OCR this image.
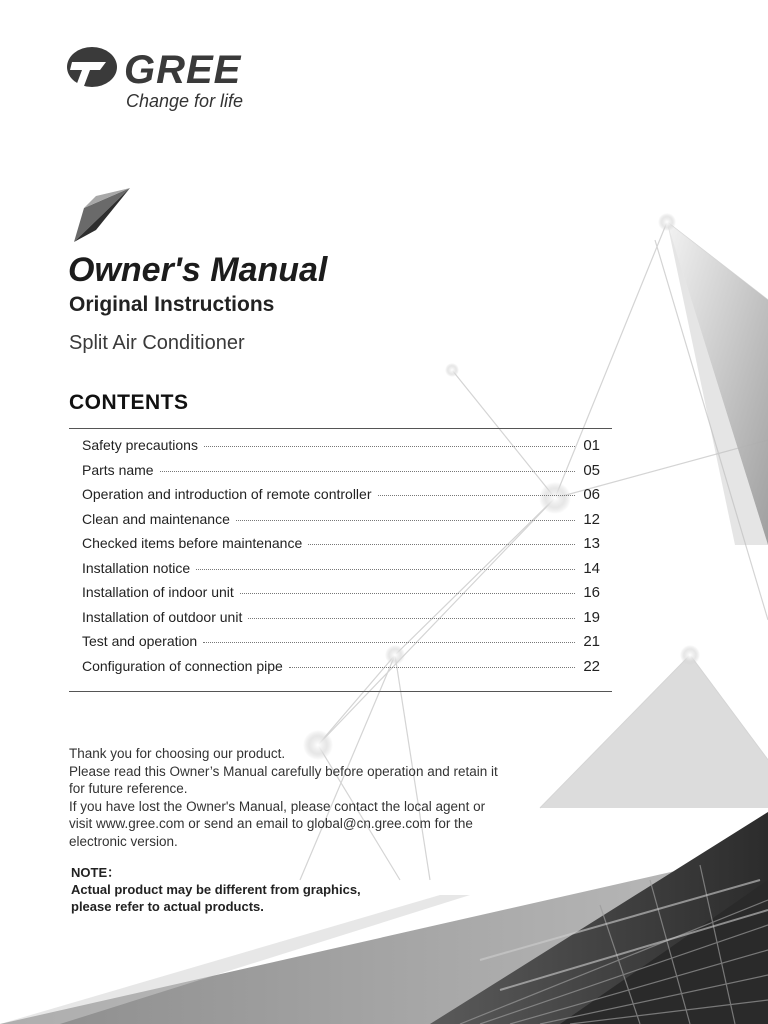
GREE
Change for life
Owner's Manual
Original Instructions
Split Air Conditioner
CONTENTS
Safety precautions	01
Parts name	05
Operation and introduction of remote controller	06
Clean and maintenance	12
Checked items before maintenance	13
Installation notice	14
Installation of indoor unit	16
Installation of outdoor unit	19
Test and operation	21
Configuration of connection pipe	22

Thank you for choosing our product.

Please read this Owner’s Manual carefully before operation and retain it for future reference.

If you have lost the Owner's Manual, please contact the local agent or visit www.gree.com or send an email to global@cn.gree.com for the electronic version.

NOTE：

Actual product may be different from graphics,

please refer to actual products.
